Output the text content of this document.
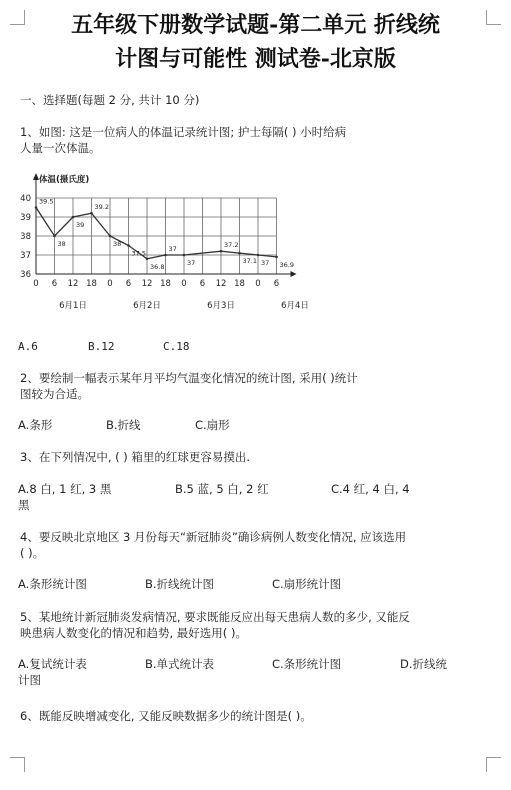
五年级下册数学试题-第二单元 折线统
计图与可能性 测试卷-北京版
一、选择题(每题 2 分, 共计 10 分)
1、如图: 这是一位病人的体温记录统计图; 护士每隔( ) 小时给病
人量一次体温。
体温(摄氏度)
36
37
38
39
40
0 6 12 18 0 6 12 18 0 6 12 18 0 6
6月1日	6月2日	6月3日	6月4日
39.5
38
39
39.2
38
37.5
36.8
37
37
37.2
37.1 37 36.9
A.6	B.12	C.18
2、要绘制一幅表示某年月平均气温变化情况的统计图, 采用( )统计
图较为合适。
A.条形	B.折线	C.扇形
3、在下列情况中, ( ) 箱里的红球更容易摸出.
A.8 白, 1 红, 3 黑	B.5 蓝, 5 白, 2 红	C.4 红, 4 白, 4
黑
4、要反映北京地区 3 月份每天“新冠肺炎”确诊病例人数变化情况, 应该选用
( )。
A.条形统计图	B.折线统计图	C.扇形统计图
5、某地统计新冠肺炎发病情况, 要求既能反应出每天患病人数的多少, 又能反
映患病人数变化的情况和趋势, 最好选用( )。
A.复试统计表	B.单式统计表	C.条形统计图	D.折线统
计图
6、既能反映增减变化, 又能反映数据多少的统计图是( )。
